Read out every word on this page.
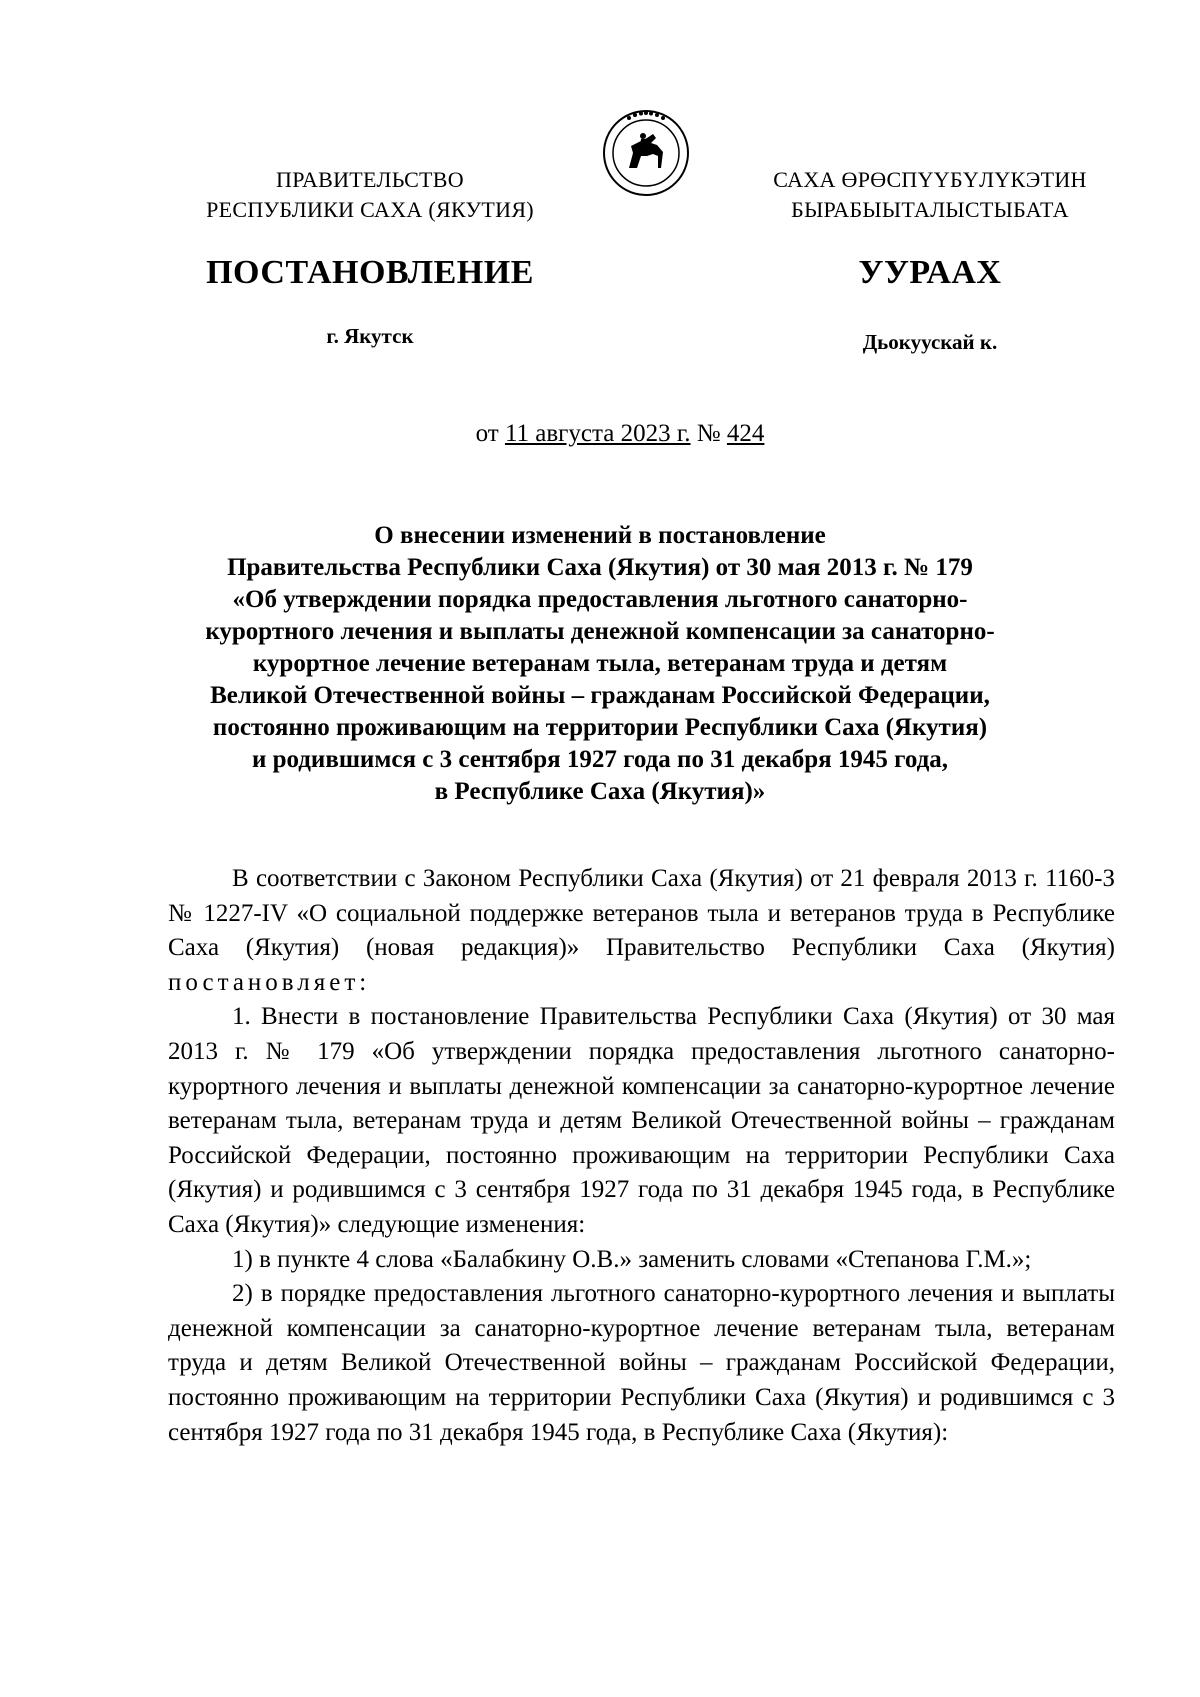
ПРАВИТЕЛЬСТВО
РЕСПУБЛИКИ САХА (ЯКУТИЯ)
САХА ӨРӨСПҮҮБҮЛҮКЭТИН
БЫРАБЫЫТАЛЫСТЫБАТА
ПОСТАНОВЛЕНИЕ	УУРААХ
г. Якутск	Дьокуускай к.
от 11 августа 2023 г. № 424
О внесении изменений в постановление
Правительства Республики Саха (Якутия) от 30 мая 2013 г. № 179
«Об утверждении порядка предоставления льготного санаторно-
курортного лечения и выплаты денежной компенсации за санаторно-
курортное лечение ветеранам тыла, ветеранам труда и детям
Великой Отечественной войны – гражданам Российской Федерации,
постоянно проживающим на территории Республики Саха (Якутия)
и родившимся с 3 сентября 1927 года по 31 декабря 1945 года,
в Республике Саха (Якутия)»

В соответствии с Законом Республики Саха (Якутия) от 21 февраля 2013 г. 1160-З № 1227-IV «О социальной поддержке ветеранов тыла и ветеранов труда в Республике Саха (Якутия) (новая редакция)» Правительство Республики Саха (Якутия) постановляет:

1. Внести в постановление Правительства Республики Саха (Якутия) от 30 мая 2013 г. № 179 «Об утверждении порядка предоставления льготного санаторно-курортного лечения и выплаты денежной компенсации за санаторно-курортное лечение ветеранам тыла, ветеранам труда и детям Великой Отечественной войны – гражданам Российской Федерации, постоянно проживающим на территории Республики Саха (Якутия) и родившимся с 3 сентября 1927 года по 31 декабря 1945 года, в Республике Саха (Якутия)» следующие изменения:

1) в пункте 4 слова «Балабкину О.В.» заменить словами «Степанова Г.М.»;

2) в порядке предоставления льготного санаторно-курортного лечения и выплаты денежной компенсации за санаторно-курортное лечение ветеранам тыла, ветеранам труда и детям Великой Отечественной войны – гражданам Российской Федерации, постоянно проживающим на территории Республики Саха (Якутия) и родившимся с 3 сентября 1927 года по 31 декабря 1945 года, в Республике Саха (Якутия):
